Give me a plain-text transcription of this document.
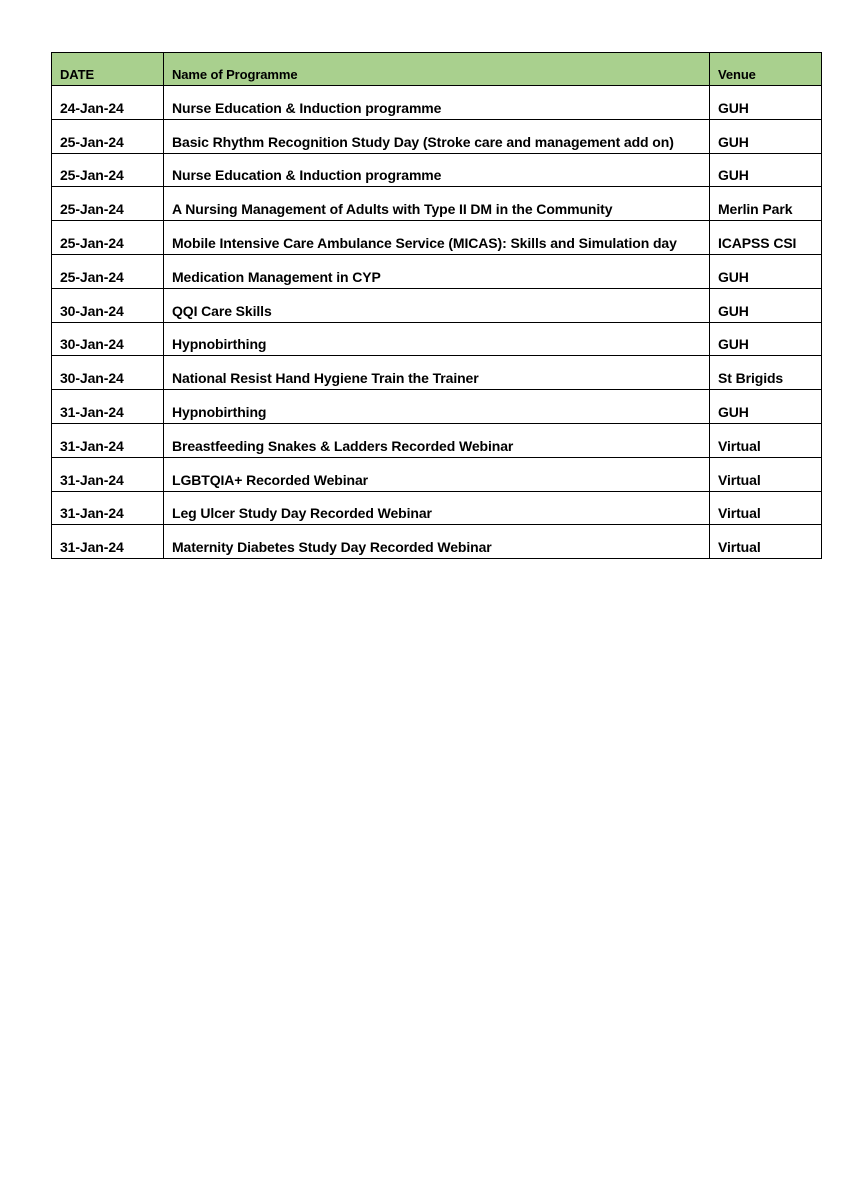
DATE	Name of Programme	Venue
24-Jan-24	Nurse Education & Induction programme	GUH
25-Jan-24	Basic Rhythm Recognition Study Day (Stroke care and management add on)	GUH
25-Jan-24	Nurse Education & Induction programme	GUH
25-Jan-24	A Nursing Management of Adults with Type II DM in the Community	Merlin Park
25-Jan-24	Mobile Intensive Care Ambulance Service (MICAS): Skills and Simulation day	ICAPSS CSI
25-Jan-24	Medication Management in CYP	GUH
30-Jan-24	QQI Care Skills	GUH
30-Jan-24	Hypnobirthing	GUH
30-Jan-24	National Resist Hand Hygiene Train the Trainer	St Brigids
31-Jan-24	Hypnobirthing	GUH
31-Jan-24	Breastfeeding Snakes & Ladders Recorded Webinar	Virtual
31-Jan-24	LGBTQIA+ Recorded Webinar	Virtual
31-Jan-24	Leg Ulcer Study Day Recorded Webinar	Virtual
31-Jan-24	Maternity Diabetes Study Day Recorded Webinar	Virtual
